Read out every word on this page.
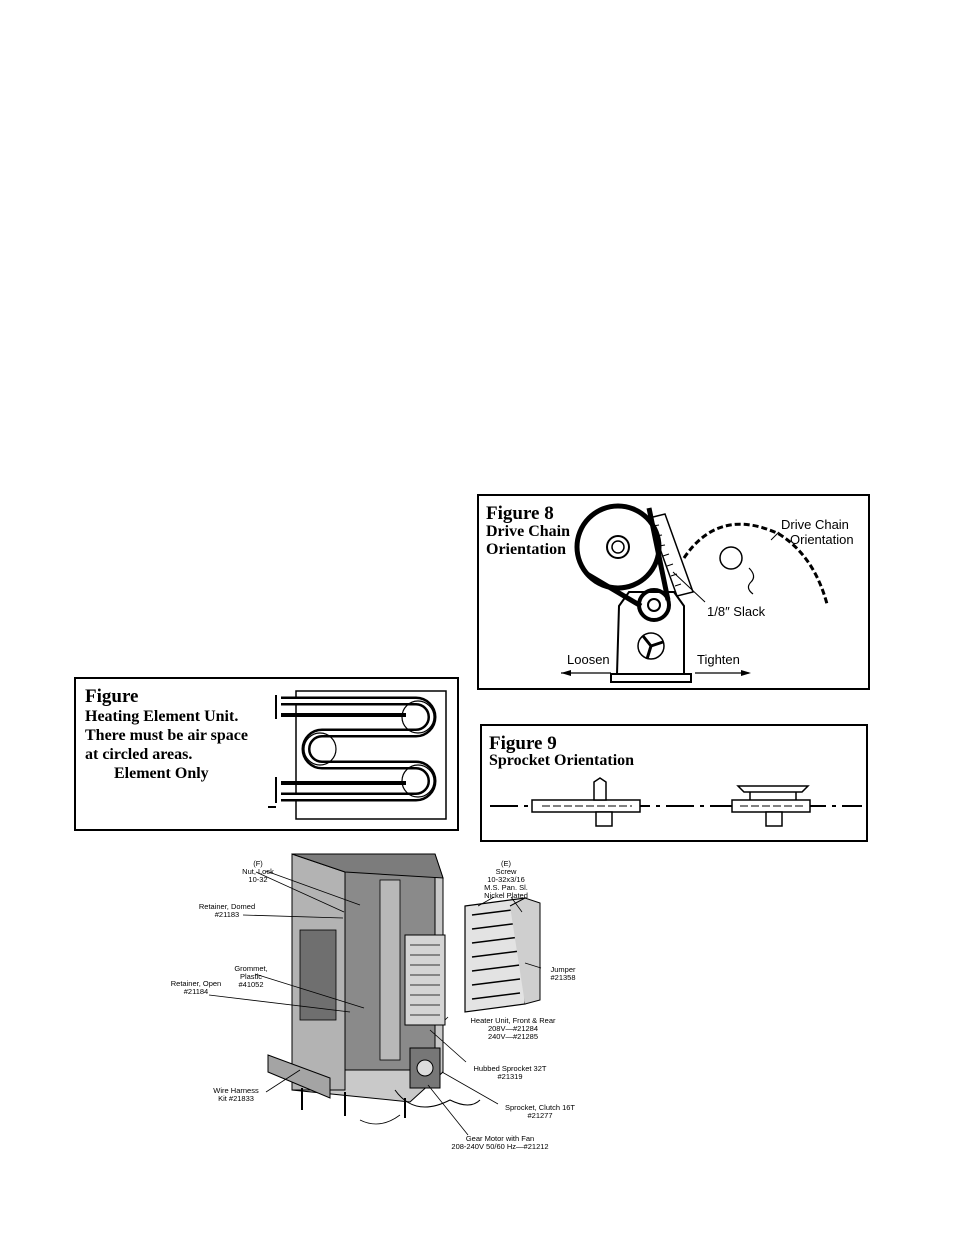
Figure 8
Drive Chain
Orientation
Drive Chain
Orientation
1/8″ Slack
Loosen	Tighten
Figure
Heating Element Unit.
There must be air space
at circled areas.
Element Only
Figure 9
Sprocket Orientation
(F)
Nut, Lock
10-32
Retainer, Domed
#21183
Grommet,
Plastic
#41052
Retainer, Open
#21184
Wire Harness
Kit #21833
(E)
Screw
10-32x3/16
M.S. Pan. Sl.
Nickel Plated
Jumper
#21358
Heater Unit, Front & Rear
208V—#21284
240V—#21285
Hubbed Sprocket 32T
#21319
Sprocket, Clutch 16T
#21277
Gear Motor with Fan
208-240V 50/60 Hz—#21212
